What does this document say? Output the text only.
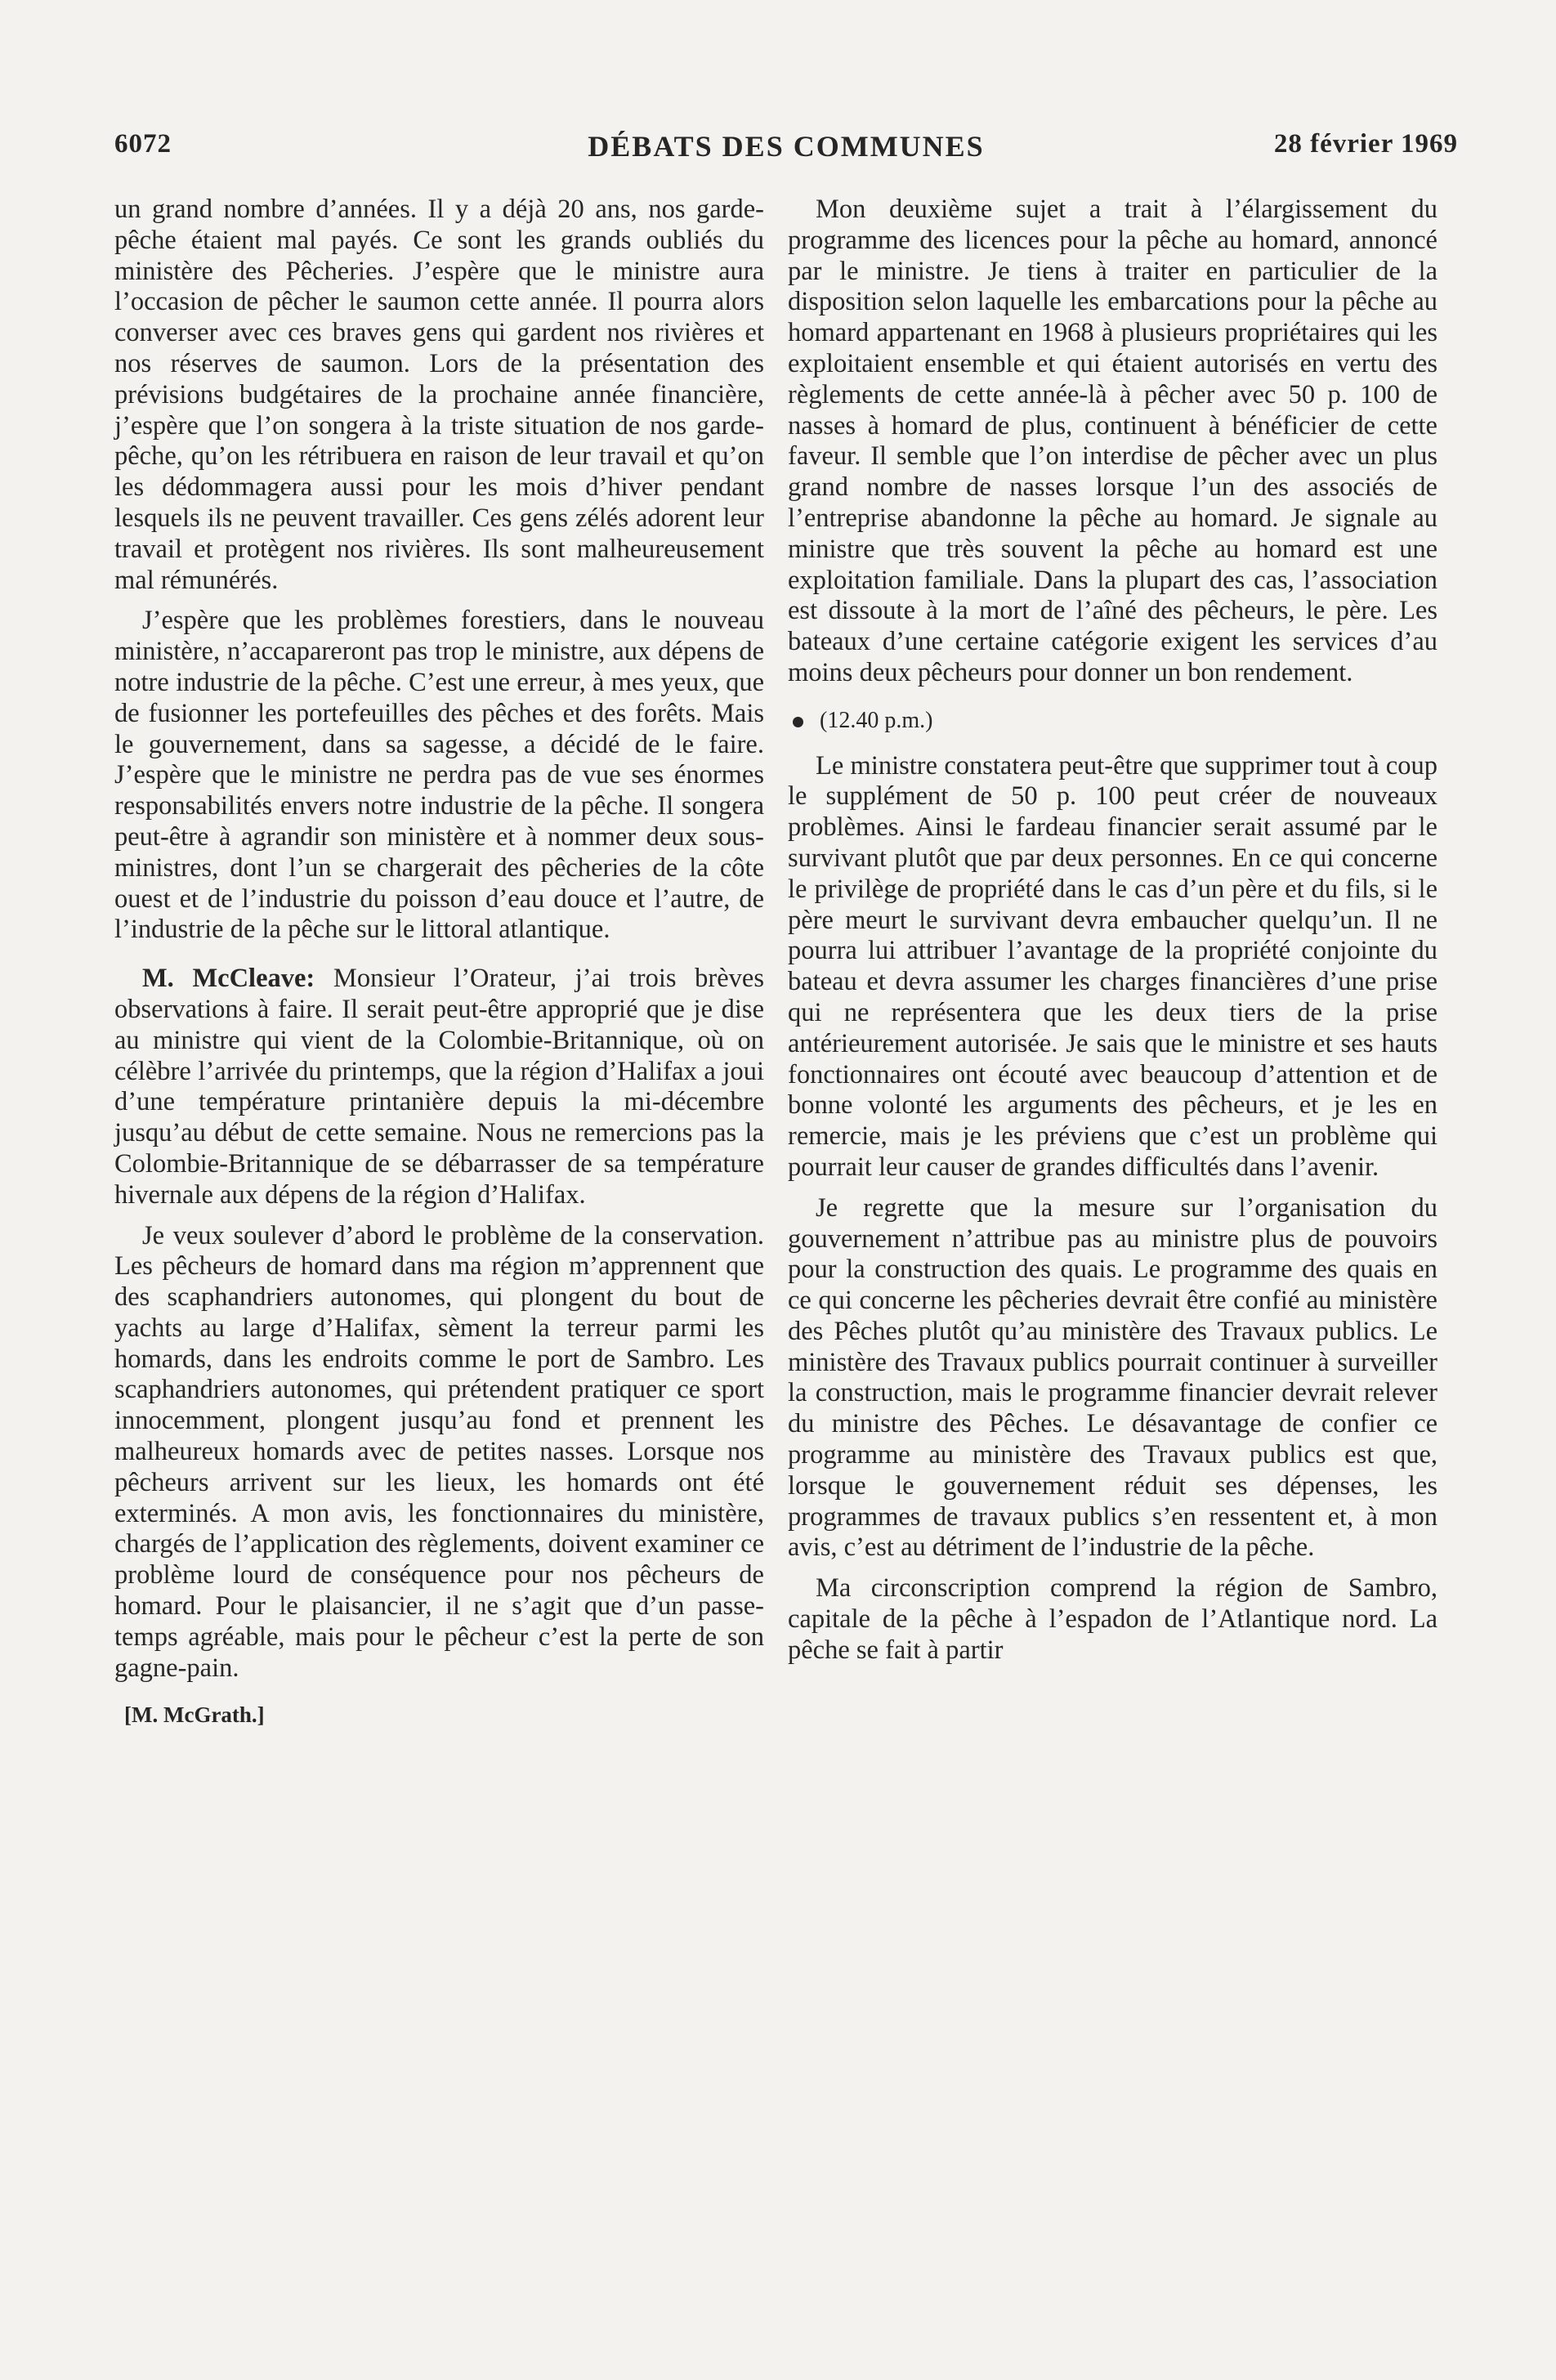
6072	DÉBATS DES COMMUNES	28 février 1969

un grand nombre d’années. Il y a déjà 20 ans, nos garde-pêche étaient mal payés. Ce sont les grands oubliés du ministère des Pêcheries. J’espère que le ministre aura l’occasion de pêcher le saumon cette année. Il pourra alors converser avec ces braves gens qui gardent nos rivières et nos réserves de saumon. Lors de la présentation des prévisions budgétaires de la prochaine année financière, j’espère que l’on songera à la triste situation de nos garde-pêche, qu’on les rétribuera en raison de leur travail et qu’on les dédommagera aussi pour les mois d’hiver pendant lesquels ils ne peuvent travailler. Ces gens zélés adorent leur travail et protègent nos rivières. Ils sont malheureusement mal rémunérés.

J’espère que les problèmes forestiers, dans le nouveau ministère, n’accapareront pas trop le ministre, aux dépens de notre industrie de la pêche. C’est une erreur, à mes yeux, que de fusionner les portefeuilles des pêches et des forêts. Mais le gouvernement, dans sa sagesse, a décidé de le faire. J’espère que le ministre ne perdra pas de vue ses énormes responsabilités envers notre industrie de la pêche. Il songera peut-être à agrandir son ministère et à nommer deux sous-ministres, dont l’un se chargerait des pêcheries de la côte ouest et de l’industrie du poisson d’eau douce et l’autre, de l’industrie de la pêche sur le littoral atlantique.

M. McCleave: Monsieur l’Orateur, j’ai trois brèves observations à faire. Il serait peut-être approprié que je dise au ministre qui vient de la Colombie-Britannique, où on célèbre l’arrivée du printemps, que la région d’Halifax a joui d’une température printanière depuis la mi-décembre jusqu’au début de cette semaine. Nous ne remercions pas la Colombie-Britannique de se débarrasser de sa température hivernale aux dépens de la région d’Halifax.

Je veux soulever d’abord le problème de la conservation. Les pêcheurs de homard dans ma région m’apprennent que des scaphandriers autonomes, qui plongent du bout de yachts au large d’Halifax, sèment la terreur parmi les homards, dans les endroits comme le port de Sambro. Les scaphandriers autonomes, qui prétendent pratiquer ce sport innocemment, plongent jusqu’au fond et prennent les malheureux homards avec de petites nasses. Lorsque nos pêcheurs arrivent sur les lieux, les homards ont été exterminés. A mon avis, les fonctionnaires du ministère, chargés de l’application des règlements, doivent examiner ce problème lourd de conséquence pour nos pêcheurs de homard. Pour le plaisancier, il ne s’agit que d’un passe-temps agréable, mais pour le pêcheur c’est la perte de son gagne-pain.

[M. McGrath.]

Mon deuxième sujet a trait à l’élargissement du programme des licences pour la pêche au homard, annoncé par le ministre. Je tiens à traiter en particulier de la disposition selon laquelle les embarcations pour la pêche au homard appartenant en 1968 à plusieurs propriétaires qui les exploitaient ensemble et qui étaient autorisés en vertu des règlements de cette année-là à pêcher avec 50 p. 100 de nasses à homard de plus, continuent à bénéficier de cette faveur. Il semble que l’on interdise de pêcher avec un plus grand nombre de nasses lorsque l’un des associés de l’entreprise abandonne la pêche au homard. Je signale au ministre que très souvent la pêche au homard est une exploitation familiale. Dans la plupart des cas, l’association est dissoute à la mort de l’aîné des pêcheurs, le père. Les bateaux d’une certaine catégorie exigent les services d’au moins deux pêcheurs pour donner un bon rendement.

(12.40 p.m.)

Le ministre constatera peut-être que supprimer tout à coup le supplément de 50 p. 100 peut créer de nouveaux problèmes. Ainsi le fardeau financier serait assumé par le survivant plutôt que par deux personnes. En ce qui concerne le privilège de propriété dans le cas d’un père et du fils, si le père meurt le survivant devra embaucher quelqu’un. Il ne pourra lui attribuer l’avantage de la propriété conjointe du bateau et devra assumer les charges financières d’une prise qui ne représentera que les deux tiers de la prise antérieurement autorisée. Je sais que le ministre et ses hauts fonctionnaires ont écouté avec beaucoup d’attention et de bonne volonté les arguments des pêcheurs, et je les en remercie, mais je les préviens que c’est un problème qui pourrait leur causer de grandes difficultés dans l’avenir.

Je regrette que la mesure sur l’organisation du gouvernement n’attribue pas au ministre plus de pouvoirs pour la construction des quais. Le programme des quais en ce qui concerne les pêcheries devrait être confié au ministère des Pêches plutôt qu’au ministère des Travaux publics. Le ministère des Travaux publics pourrait continuer à surveiller la construction, mais le programme financier devrait relever du ministre des Pêches. Le désavantage de confier ce programme au ministère des Travaux publics est que, lorsque le gouvernement réduit ses dépenses, les programmes de travaux publics s’en ressentent et, à mon avis, c’est au détriment de l’industrie de la pêche.

Ma circonscription comprend la région de Sambro, capitale de la pêche à l’espadon de l’Atlantique nord. La pêche se fait à partir
